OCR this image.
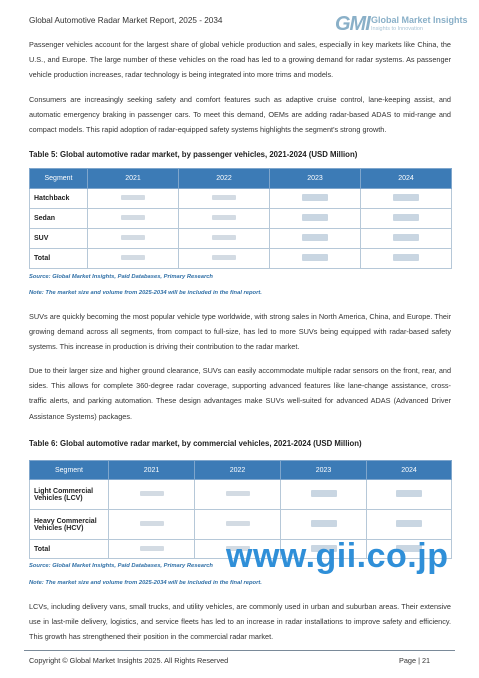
Global Automotive Radar Market Report, 2025 - 2034	GMI Global Market Insights
Insights to Innovation

Passenger vehicles account for the largest share of global vehicle production and sales, especially in key markets like China, the U.S., and Europe. The large number of these vehicles on the road has led to a growing demand for radar systems. As passenger vehicle production increases, radar technology is being integrated into more trims and models.

Consumers are increasingly seeking safety and comfort features such as adaptive cruise control, lane-keeping assist, and automatic emergency braking in passenger cars. To meet this demand, OEMs are adding radar-based ADAS to mid-range and compact models. This rapid adoption of radar-equipped safety systems highlights the segment's strong growth.

Table 5: Global automotive radar market, by passenger vehicles, 2021-2024 (USD Million)
Segment	2021	2022	2023	2024
Hatchback				
Sedan				
SUV				
Total				
Source: Global Market Insights, Paid Databases, Primary Research
Note: The market size and volume from 2025-2034 will be included in the final report.

SUVs are quickly becoming the most popular vehicle type worldwide, with strong sales in North America, China, and Europe. Their growing demand across all segments, from compact to full-size, has led to more SUVs being equipped with radar-based safety systems. This increase in production is driving their contribution to the radar market.

Due to their larger size and higher ground clearance, SUVs can easily accommodate multiple radar sensors on the front, rear, and sides. This allows for complete 360-degree radar coverage, supporting advanced features like lane-change assistance, cross-traffic alerts, and parking automation. These design advantages make SUVs well-suited for advanced ADAS (Advanced Driver Assistance Systems) packages.

Table 6: Global automotive radar market, by commercial vehicles, 2021-2024 (USD Million)
Segment	2021	2022	2023	2024
Light Commercial Vehicles (LCV)				
Heavy Commercial Vehicles (HCV)				
Total				
Source: Global Market Insights, Paid Databases, Primary Research
Note: The market size and volume from 2025-2034 will be included in the final report.
www.gii.co.jp

LCVs, including delivery vans, small trucks, and utility vehicles, are commonly used in urban and suburban areas. Their extensive use in last-mile delivery, logistics, and service fleets has led to an increase in radar installations to improve safety and efficiency. This growth has strengthened their position in the commercial radar market.

Copyright © Global Market Insights 2025. All Rights Reserved	Page | 21
